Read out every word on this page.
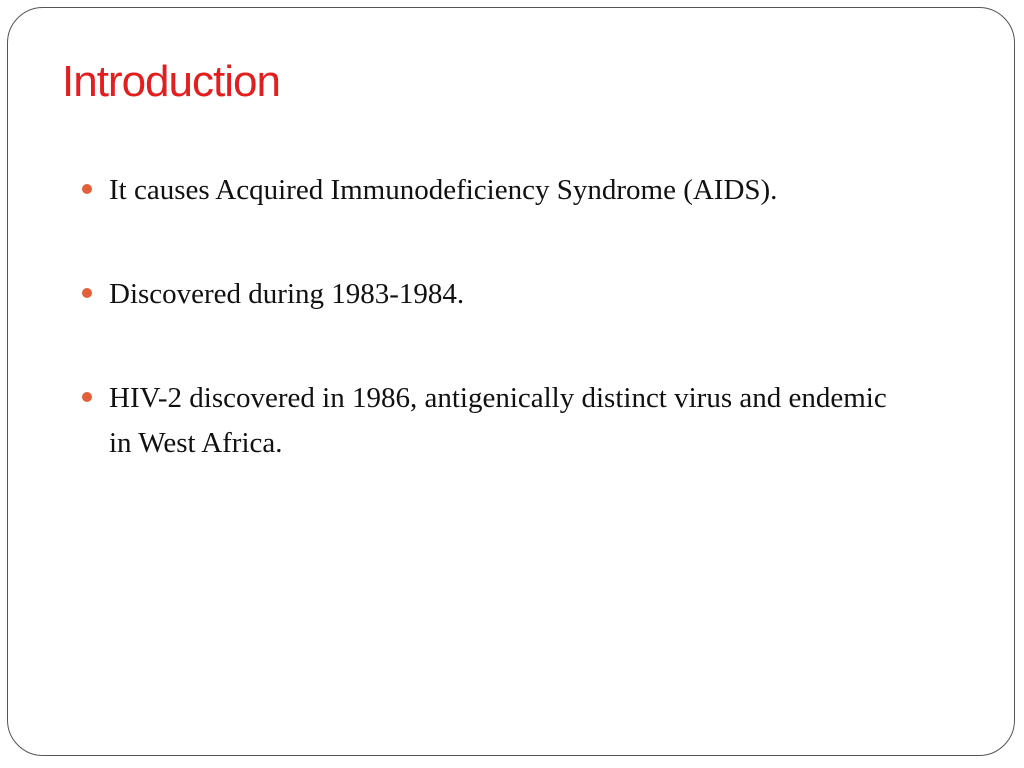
Introduction
It causes Acquired Immunodeficiency Syndrome (AIDS).
Discovered during 1983-1984.
HIV-2 discovered in 1986, antigenically distinct virus and endemic in West Africa.
